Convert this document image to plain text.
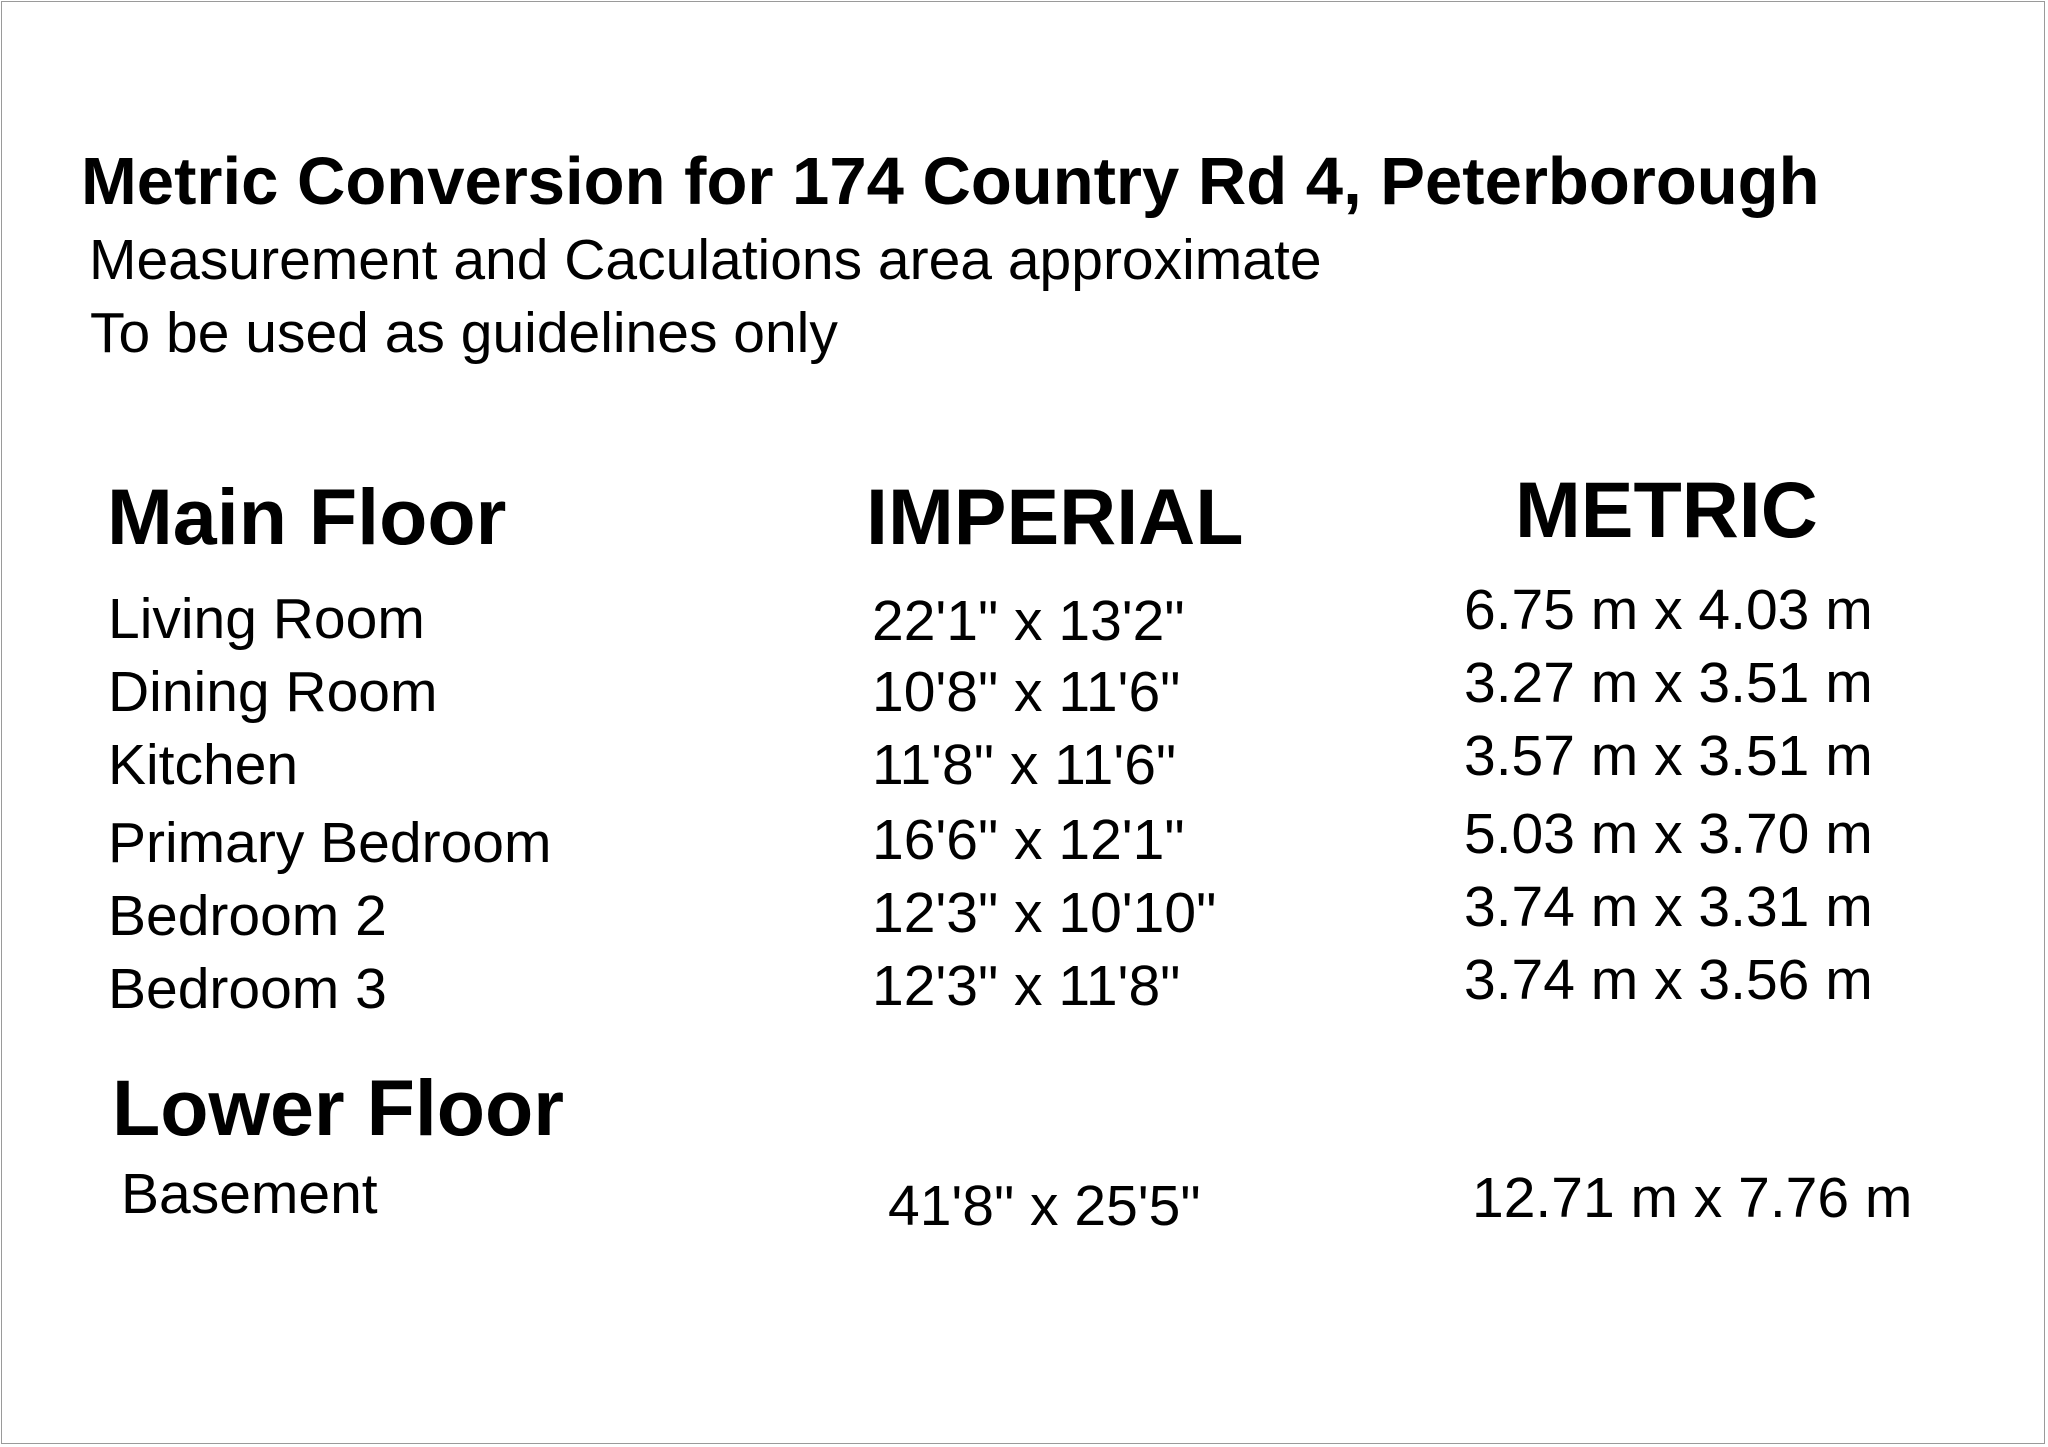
Metric Conversion for 174 Country Rd 4, Peterborough
Measurement and Caculations area approximate
To be used as guidelines only
Main Floor	IMPERIAL	METRIC
Living Room	22'1" x 13'2"	6.75 m x 4.03 m
Dining Room	10'8" x 11'6"	3.27 m x 3.51 m
Kitchen	11'8" x 11'6"	3.57 m x 3.51 m
Primary Bedroom	16'6" x 12'1"	5.03 m x 3.70 m
Bedroom 2	12'3" x 10'10"	3.74 m x 3.31 m
Bedroom 3	12'3" x 11'8"	3.74 m x 3.56 m
Lower Floor
Basement	41'8" x 25'5"	12.71 m x 7.76 m
